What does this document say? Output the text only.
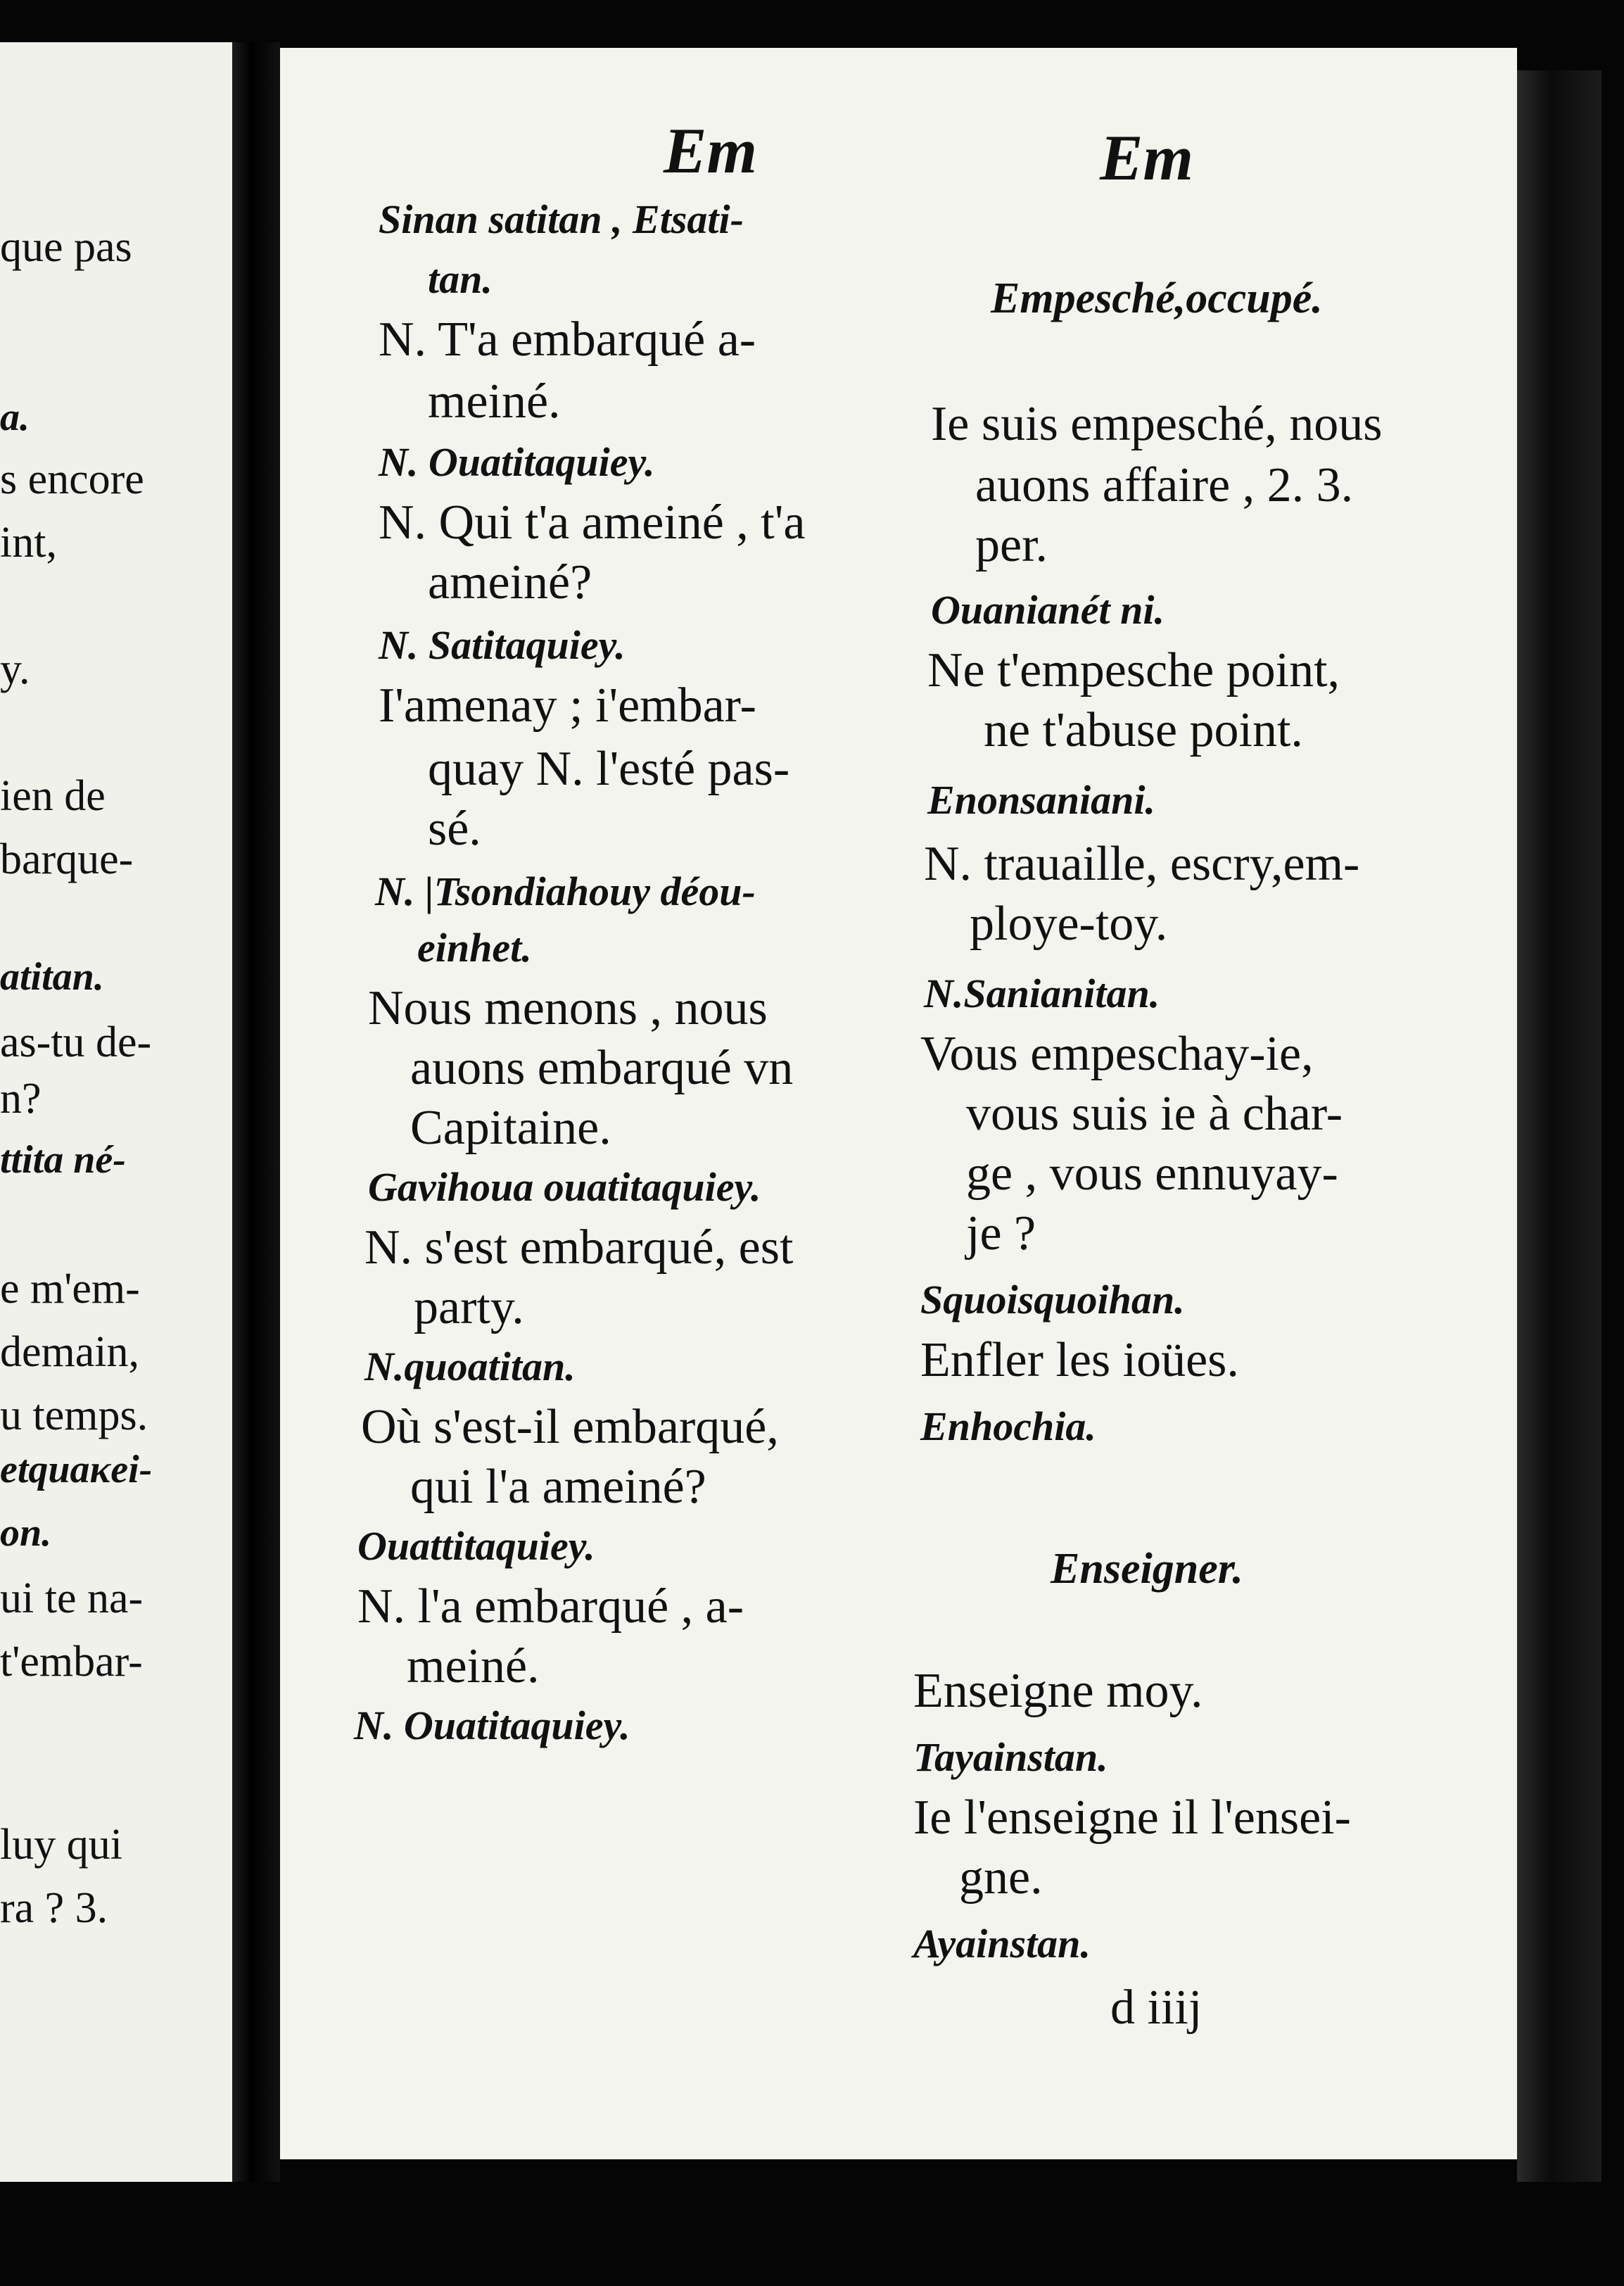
que pas
a.
s encore
int,
y.
ien de
barque-
atitan.
as-tu de-
n?
ttita né-
e m'em-
demain,
u temps.
etquaκei-
on.
ui te na-
t'embar-
luy qui
ra ? 3.
Em
Sinan satitan , Etsati-
tan.
N. T'a embarqué a-
meiné.
N. Ouatitaquiey.
N. Qui t'a ameiné , t'a
ameiné?
N. Satitaquiey.
I'amenay ; i'embar-
quay N. l'esté pas-
sé.
N. |Tsondiahouy déou-
einhet.
Nous menons , nous
auons embarqué vn
Capitaine.
Gavihoua ouatitaquiey.
N. s'est embarqué, est
party.
N.quoatitan.
Où s'est-il embarqué,
qui l'a ameiné?
Ouattitaquiey.
N. l'a embarqué , a-
meiné.
N. Ouatitaquiey.
Em
Empesché,occupé.
Ie suis empesché, nous
auons affaire , 2. 3.
per.
Ouanianét ni.
Ne t'empesche point,
ne t'abuse point.
Enonsaniani.
N. trauaille, escry,em-
ploye-toy.
N.Sanianitan.
Vous empeschay-ie,
vous suis ie à char-
ge , vous ennuyay-
je ?
Squoisquoihan.
Enfler les ioües.
Enhochia.
Enseigner.
Enseigne moy.
Tayainstan.
Ie l'enseigne il l'ensei-
gne.
Ayainstan.
d iiij
